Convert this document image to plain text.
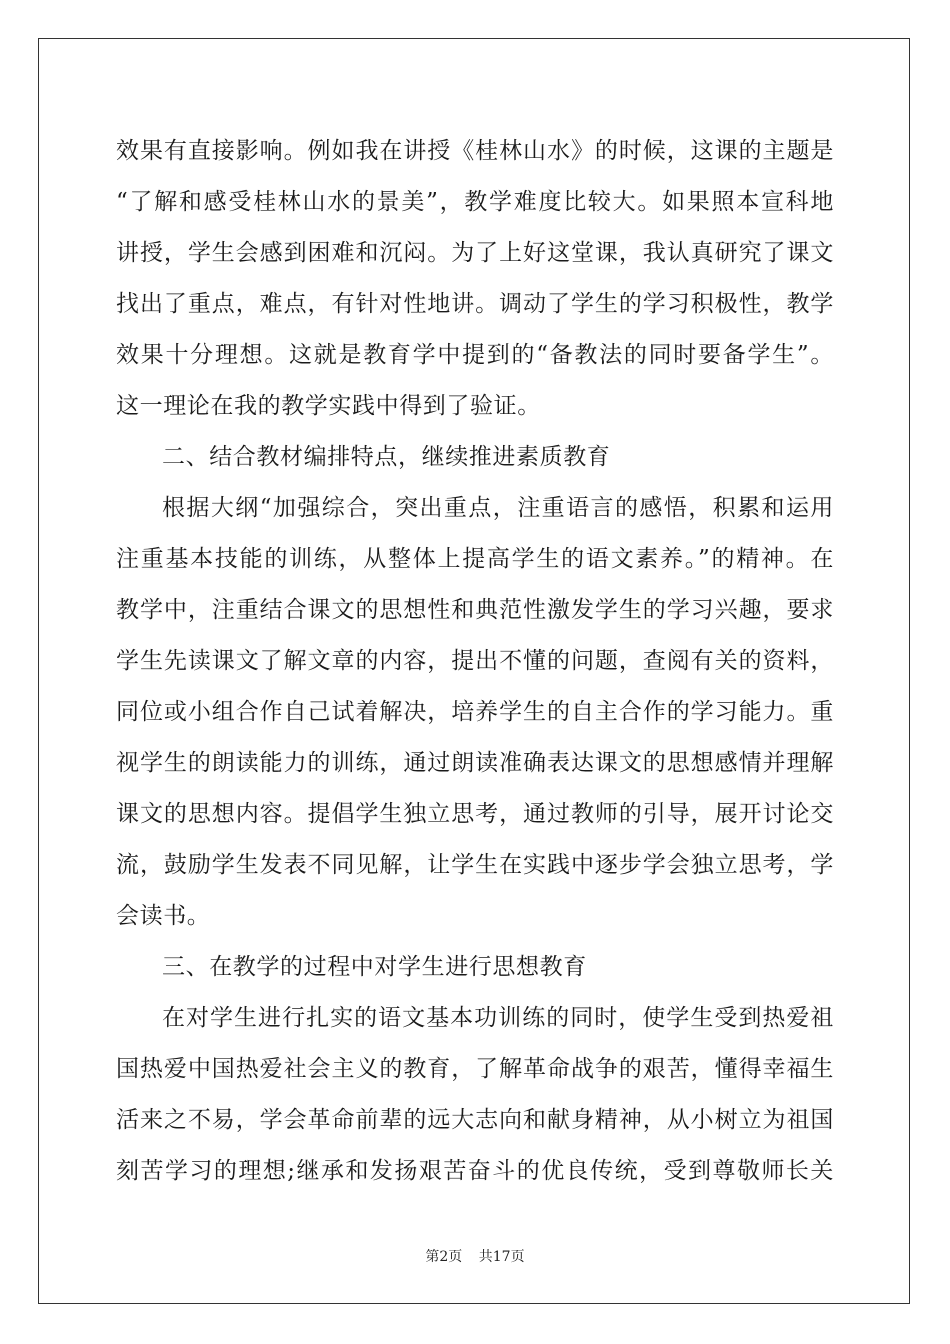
效果有直接影响。例如我在讲授《桂林山水》的时候，这课的主题是
“了解和感受桂林山水的景美”，教学难度比较大。如果照本宣科地
讲授，学生会感到困难和沉闷。为了上好这堂课，我认真研究了课文
找出了重点，难点，有针对性地讲。调动了学生的学习积极性，教学
效果十分理想。这就是教育学中提到的“备教法的同时要备学生”。
这一理论在我的教学实践中得到了验证。
二、结合教材编排特点，继续推进素质教育
根据大纲“加强综合，突出重点，注重语言的感悟，积累和运用
注重基本技能的训练，从整体上提高学生的语文素养。”的精神。在
教学中，注重结合课文的思想性和典范性激发学生的学习兴趣，要求
学生先读课文了解文章的内容，提出不懂的问题，查阅有关的资料，
同位或小组合作自己试着解决，培养学生的自主合作的学习能力。重
视学生的朗读能力的训练，通过朗读准确表达课文的思想感情并理解
课文的思想内容。提倡学生独立思考，通过教师的引导，展开讨论交
流，鼓励学生发表不同见解，让学生在实践中逐步学会独立思考，学
会读书。
三、在教学的过程中对学生进行思想教育
在对学生进行扎实的语文基本功训练的同时，使学生受到热爱祖
国热爱中国热爱社会主义的教育，了解革命战争的艰苦，懂得幸福生
活来之不易，学会革命前辈的远大志向和献身精神，从小树立为祖国
刻苦学习的理想;继承和发扬艰苦奋斗的优良传统，受到尊敬师长关
第2页 共17页
